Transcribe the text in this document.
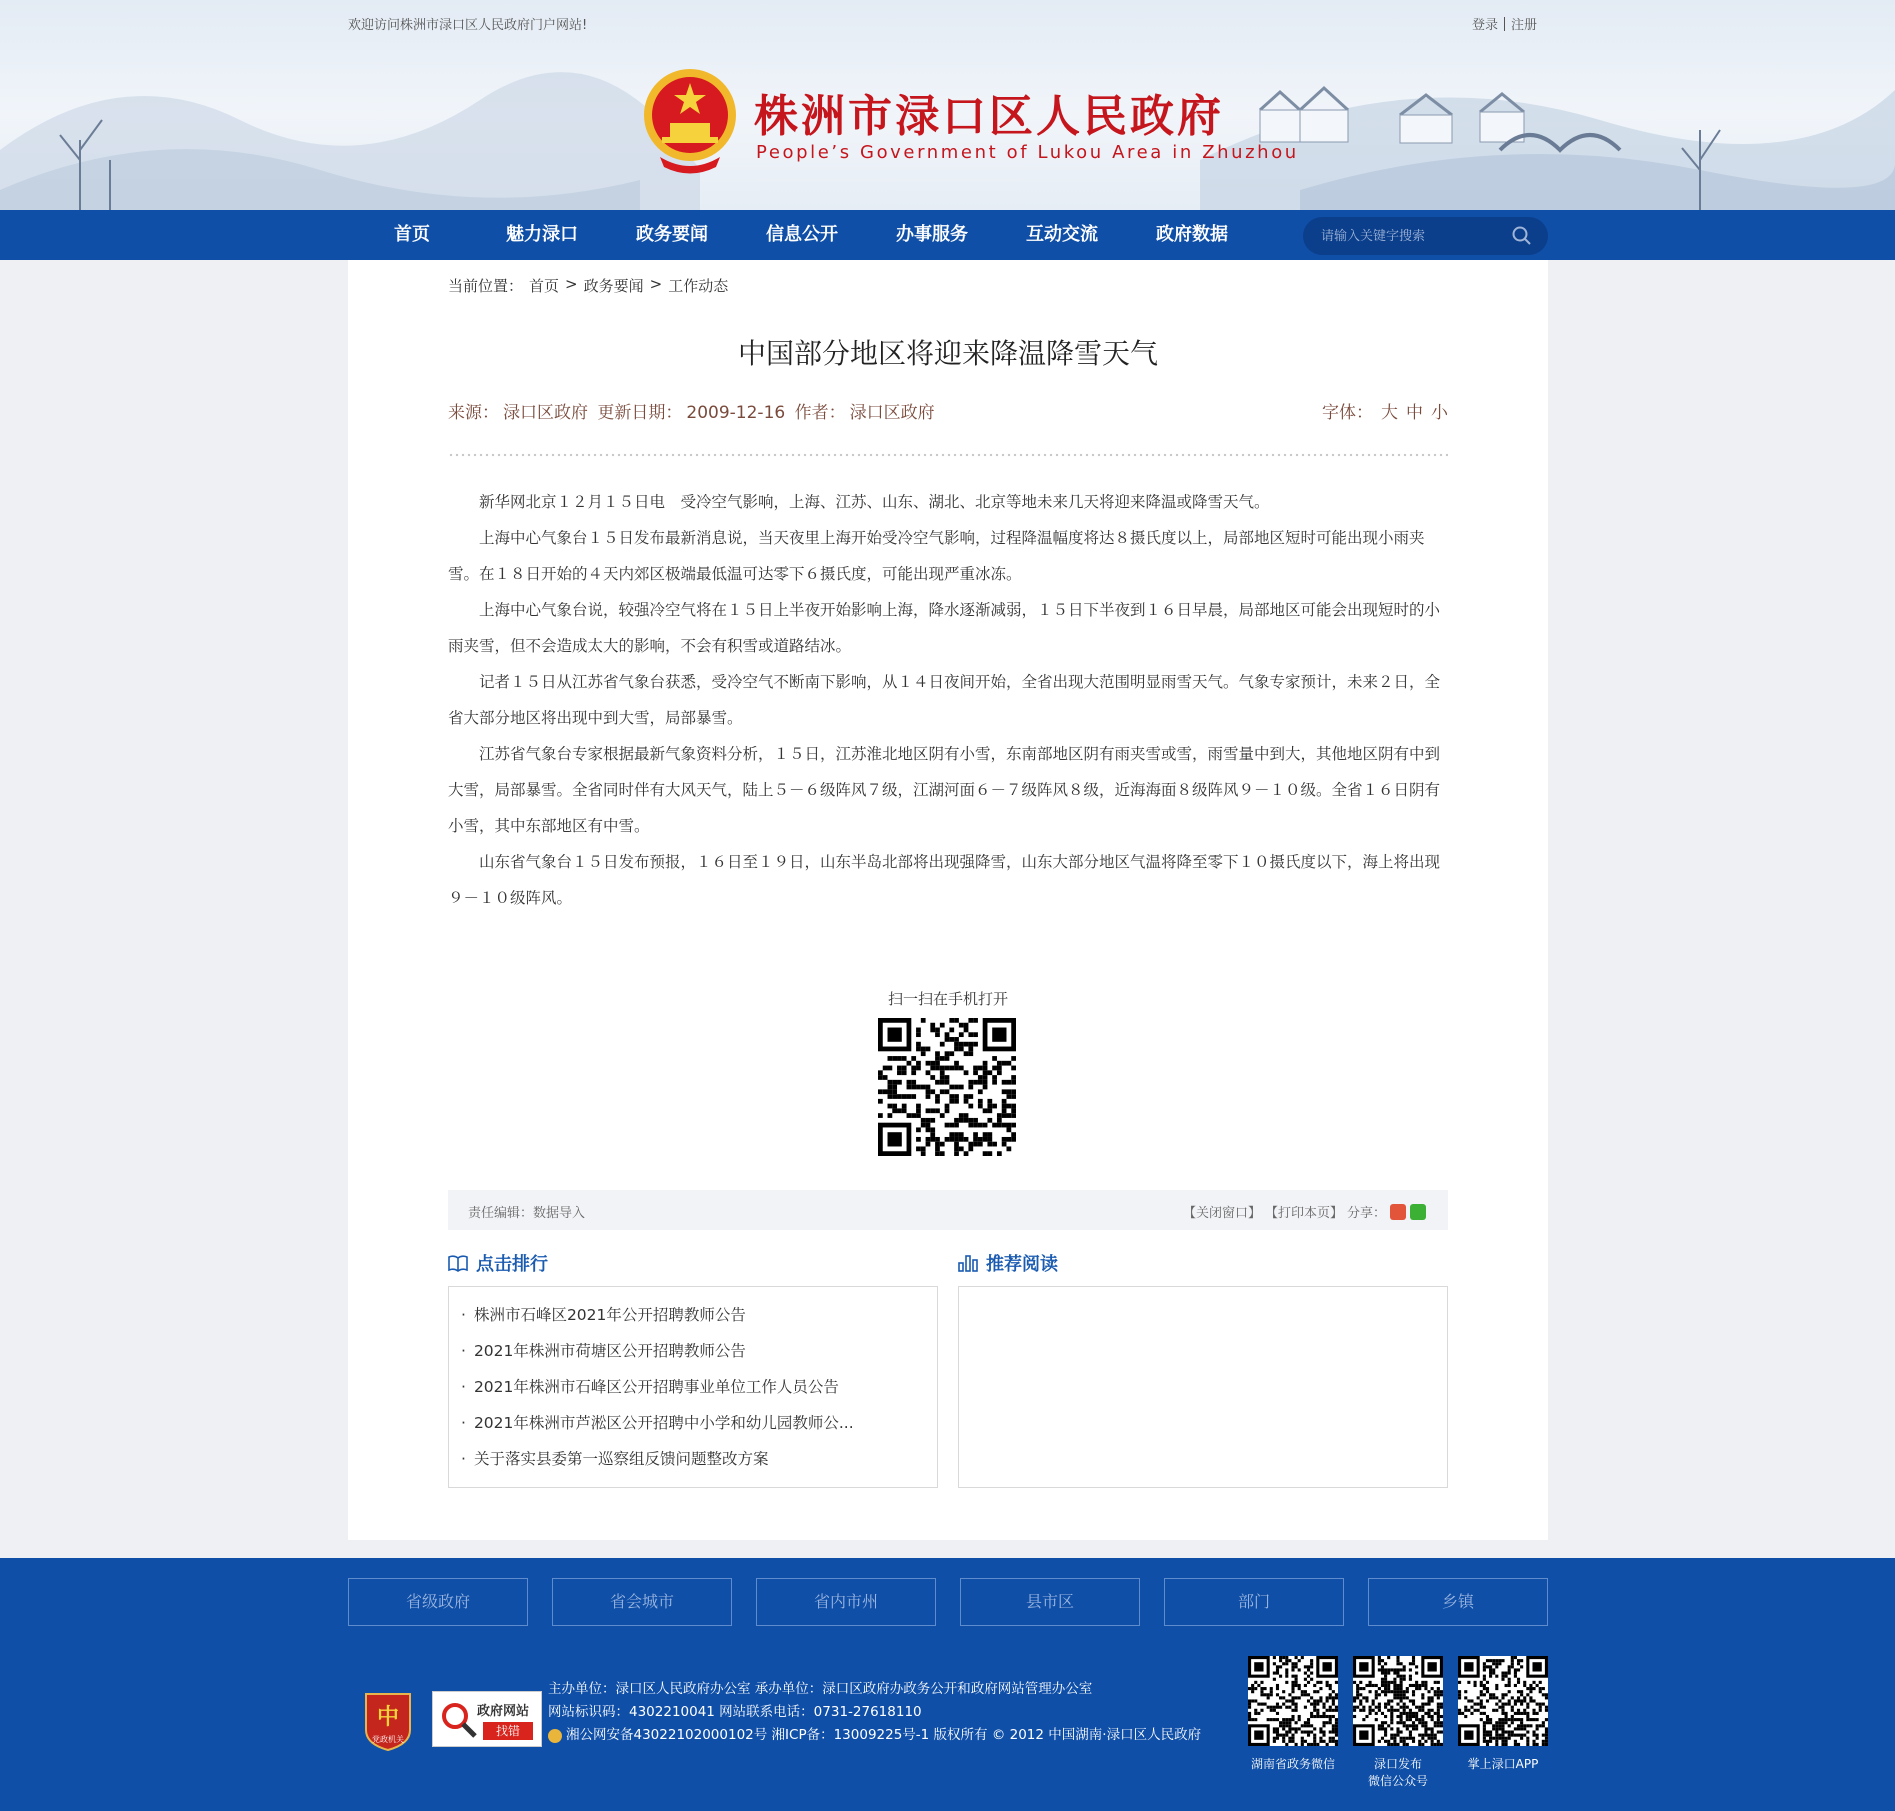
欢迎访问株洲市渌口区人民政府门户网站!	登录 注册
株洲市渌口区人民政府
People’s Government of Lukou Area in Zhuzhou
首页	魅力渌口	政务要闻	信息公开	办事服务	互动交流	政府数据
请输入关键字搜索
当前位置： 首页 > 政务要闻 > 工作动态
中国部分地区将迎来降温降雪天气
来源： 渌口区政府 更新日期： 2009-12-16 作者： 渌口区政府	字体： 大 中 小

新华网北京１２月１５日电　受冷空气影响，上海、江苏、山东、湖北、北京等地未来几天将迎来降温或降雪天气。

上海中心气象台１５日发布最新消息说，当天夜里上海开始受冷空气影响，过程降温幅度将达８摄氏度以上，局部地区短时可能出现小雨夹雪。在１８日开始的４天内郊区极端最低温可达零下６摄氏度，可能出现严重冰冻。

上海中心气象台说，较强冷空气将在１５日上半夜开始影响上海，降水逐渐减弱，１５日下半夜到１６日早晨，局部地区可能会出现短时的小雨夹雪，但不会造成太大的影响，不会有积雪或道路结冰。

记者１５日从江苏省气象台获悉，受冷空气不断南下影响，从１４日夜间开始，全省出现大范围明显雨雪天气。气象专家预计，未来２日，全省大部分地区将出现中到大雪，局部暴雪。

江苏省气象台专家根据最新气象资料分析，１５日，江苏淮北地区阴有小雪，东南部地区阴有雨夹雪或雪，雨雪量中到大，其他地区阴有中到大雪，局部暴雪。全省同时伴有大风天气，陆上５－６级阵风７级，江湖河面６－７级阵风８级，近海海面８级阵风９－１０级。全省１６日阴有小雪，其中东部地区有中雪。

山东省气象台１５日发布预报，１６日至１９日，山东半岛北部将出现强降雪，山东大部分地区气温将降至零下１０摄氏度以下，海上将出现９－１０级阵风。

扫一扫在手机打开
责任编辑：数据导入	【关闭窗口】 【打印本页】 分享：
点击排行	推荐阅读
· 株洲市石峰区2021年公开招聘教师公告
· 2021年株洲市荷塘区公开招聘教师公告
· 2021年株洲市石峰区公开招聘事业单位工作人员公告
· 2021年株洲市芦淞区公开招聘中小学和幼儿园教师公...
· 关于落实县委第一巡察组反馈问题整改方案
省级政府	省会城市	省内市州	县市区	部门	乡镇
中
党政机关
政府网站
找错
主办单位：渌口区人民政府办公室 承办单位：渌口区政府办政务公开和政府网站管理办公室
网站标识码：4302210041 网站联系电话：0731-27618110
湘公网安备43022102000102号 湘ICP备：13009225号-1 版权所有 © 2012 中国湖南·渌口区人民政府
湖南省政务微信	渌口发布
微信公众号
掌上渌口APP
